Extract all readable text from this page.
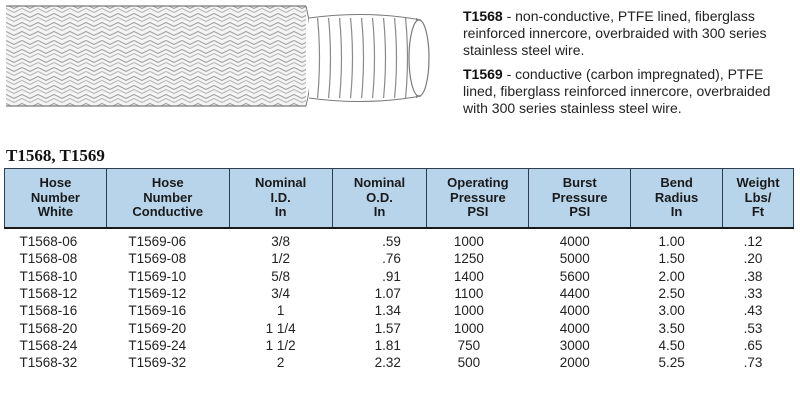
T1568 - non-conductive, PTFE lined, fiberglass reinforced innercore, overbraided with 300 series stainless steel wire.
T1569 - conductive (carbon impregnated), PTFE lined, fiberglass reinforced innercore, overbraided with 300 series stainless steel wire.
T1568, T1569
Hose
Number
White	Hose
Number
Conductive	Nominal
I.D.
In	Nominal
O.D.
In	Operating
Pressure
PSI	Burst
Pressure
PSI	Bend
Radius
In	Weight
Lbs/
Ft
T1568-06	T1569-06	3/8	.59	1000	4000	1.00	.12
T1568-08	T1569-08	1/2	.76	1250	5000	1.50	.20
T1568-10	T1569-10	5/8	.91	1400	5600	2.00	.38
T1568-12	T1569-12	3/4	1.07	1100	4400	2.50	.33
T1568-16	T1569-16	1	1.34	1000	4000	3.00	.43
T1568-20	T1569-20	1 1/4	1.57	1000	4000	3.50	.53
T1568-24	T1569-24	1 1/2	1.81	750	3000	4.50	.65
T1568-32	T1569-32	2	2.32	500	2000	5.25	.73
